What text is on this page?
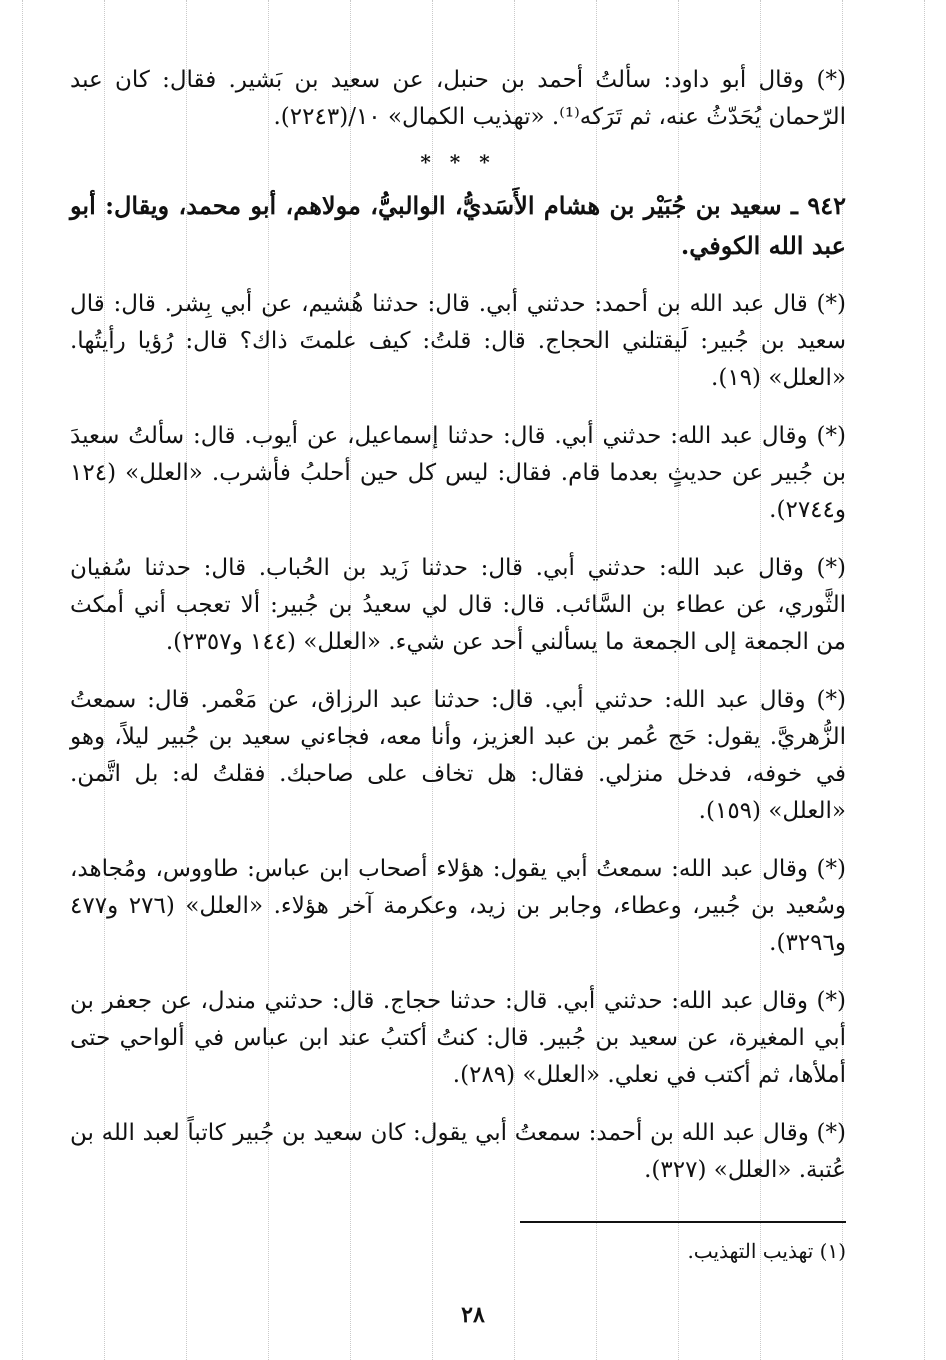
(*) وقال أبو داود: سألتُ أحمد بن حنبل، عن سعيد بن بَشير. فقال: كان عبد الرّحمان يُحَدّثُ عنه، ثم تَرَكه⁽¹⁾. «تهذيب الكمال» ١٠/(٢٢٤٣).

* * *
٩٤٢ ـ سعيد بن جُبَيْر بن هشام الأَسَديُّ، الوالبيُّ، مولاهم، أبو محمد، ويقال: أبو عبد الله الكوفي.

(*) قال عبد الله بن أحمد: حدثني أبي. قال: حدثنا هُشيم، عن أبي بِشر. قال: قال سعيد بن جُبير: لَيقتلني الحجاج. قال: قلتُ: كيف علمتَ ذاك؟ قال: رُؤيا رأيتُها. «العلل» (١٩).

(*) وقال عبد الله: حدثني أبي. قال: حدثنا إسماعيل، عن أيوب. قال: سألتُ سعيدَ بن جُبير عن حديثٍ بعدما قام. فقال: ليس كل حين أحلبُ فأشرب. «العلل» (١٢٤ و٢٧٤٤).

(*) وقال عبد الله: حدثني أبي. قال: حدثنا زَيد بن الحُباب. قال: حدثنا سُفيان الثَّوري، عن عطاء بن السَّائب. قال: قال لي سعيدُ بن جُبير: ألا تعجب أني أمكث من الجمعة إلى الجمعة ما يسألني أحد عن شيء. «العلل» (١٤٤ و٢٣٥٧).

(*) وقال عبد الله: حدثني أبي. قال: حدثنا عبد الرزاق، عن مَعْمر. قال: سمعتُ الزُّهريَّ. يقول: حَج عُمر بن عبد العزيز، وأنا معه، فجاءني سعيد بن جُبير ليلاً، وهو في خوفه، فدخل منزلي. فقال: هل تخاف على صاحبك. فقلتُ له: بل اتَّمن. «العلل» (١٥٩).

(*) وقال عبد الله: سمعتُ أبي يقول: هؤلاء أصحاب ابن عباس: طاووس، ومُجاهد، وسُعيد بن جُبير، وعطاء، وجابر بن زيد، وعكرمة آخر هؤلاء. «العلل» (٢٧٦ و٤٧٧ و٣٢٩٦).

(*) وقال عبد الله: حدثني أبي. قال: حدثنا حجاج. قال: حدثني مندل، عن جعفر بن أبي المغيرة، عن سعيد بن جُبير. قال: كنتُ أكتبُ عند ابن عباس في ألواحي حتى أملأها، ثم أكتب في نعلي. «العلل» (٢٨٩).

(*) وقال عبد الله بن أحمد: سمعتُ أبي يقول: كان سعيد بن جُبير كاتباً لعبد الله بن عُتبة. «العلل» (٣٢٧).

(١) تهذيب التهذيب.
٢٨
